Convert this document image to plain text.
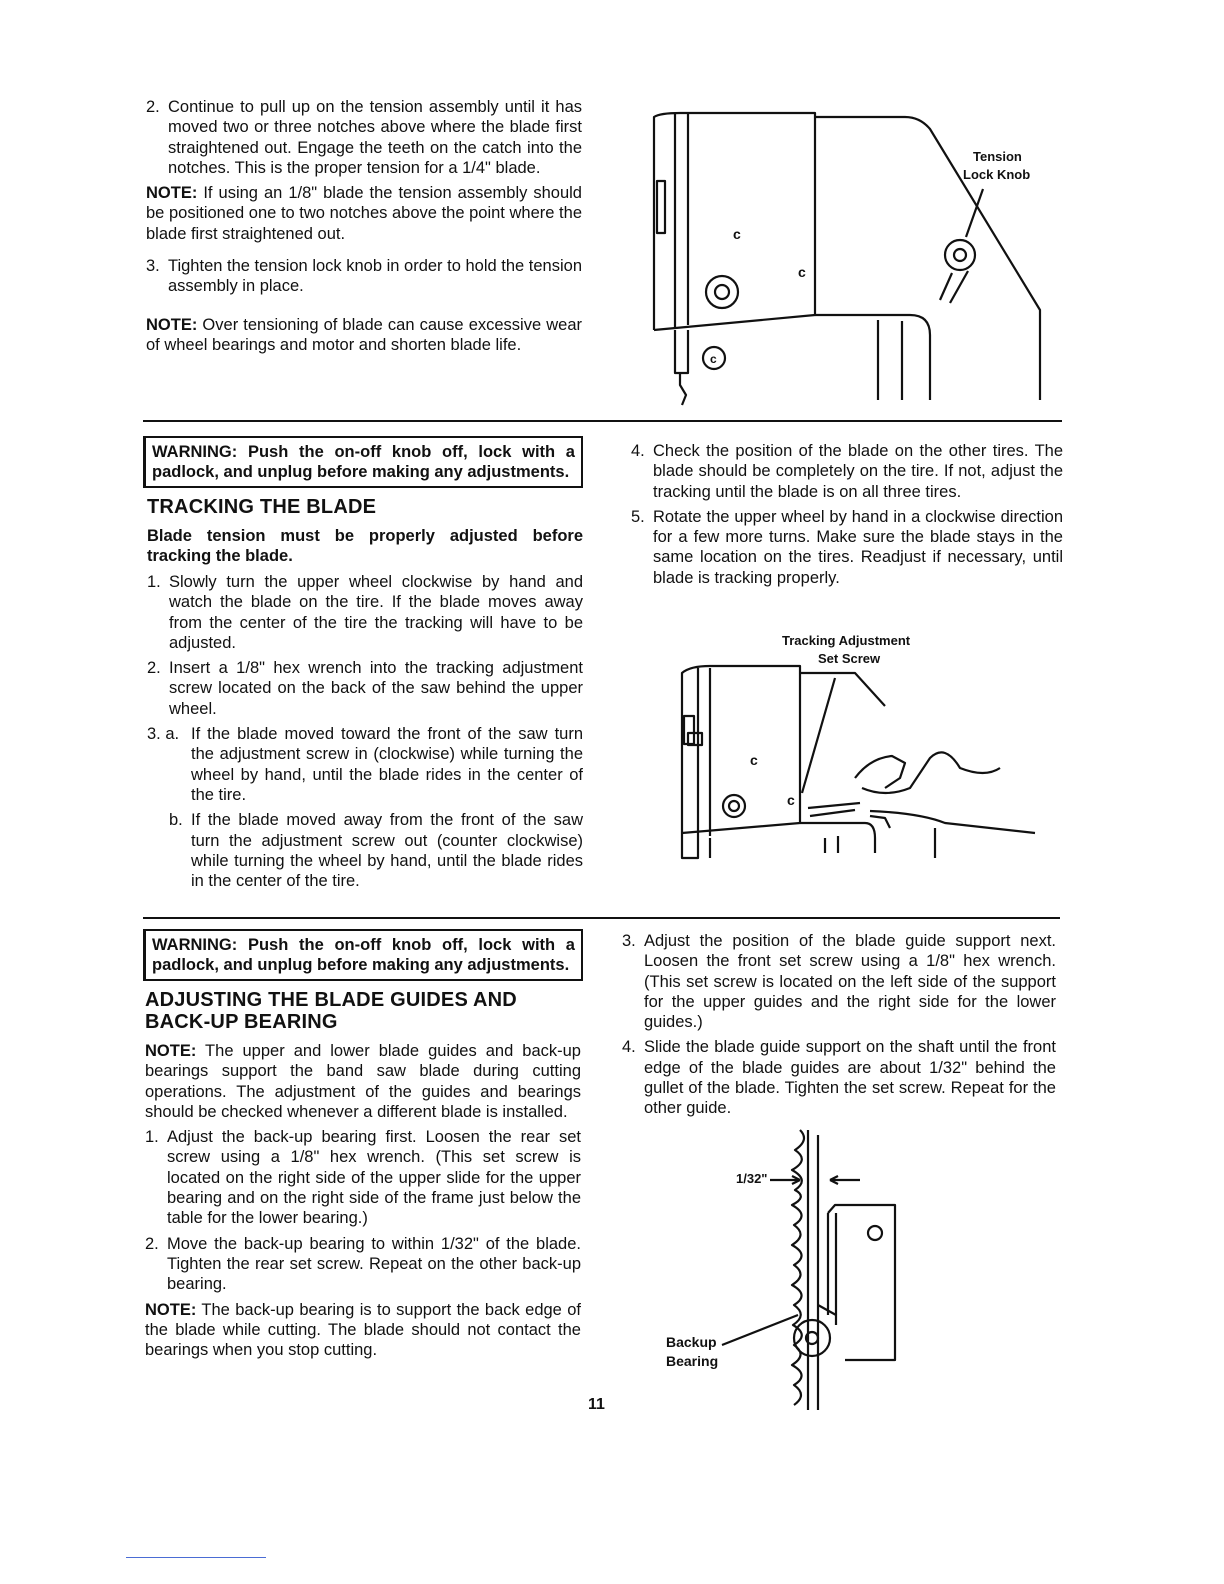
2. Continue to pull up on the tension assembly until it has moved two or three notches above where the blade first straightened out. Engage the teeth on the catch into the notches. This is the proper tension for a 1/4" blade.
NOTE: If using an 1/8" blade the tension assembly should be positioned one to two notches above the point where the blade first straightened out.
3. Tighten the tension lock knob in order to hold the tension assembly in place.
NOTE: Over tensioning of blade can cause excessive wear of wheel bearings and motor and shorten blade life.
Tension
Lock Knob
c
c
c
WARNING: Push the on-off knob off, lock with a padlock, and unplug before making any adjustments.
TRACKING THE BLADE
Blade tension must be properly adjusted before tracking the blade.
1. Slowly turn the upper wheel clockwise by hand and watch the blade on the tire. If the blade moves away from the center of the tire the tracking will have to be adjusted.
2. Insert a 1/8" hex wrench into the tracking adjustment screw located on the back of the saw behind the upper wheel.
3. a. If the blade moved toward the front of the saw turn the adjustment screw in (clockwise) while turning the wheel by hand, until the blade rides in the center of the tire.
b. If the blade moved away from the front of the saw turn the adjustment screw out (counter clockwise) while turning the wheel by hand, until the blade rides in the center of the tire.
4. Check the position of the blade on the other tires. The blade should be completely on the tire. If not, adjust the tracking until the blade is on all three tires.
5. Rotate the upper wheel by hand in a clockwise direction for a few more turns. Make sure the blade stays in the same location on the tires. Readjust if necessary, until blade is tracking properly.
Tracking Adjustment
Set Screw
c
c
WARNING: Push the on-off knob off, lock with a padlock, and unplug before making any adjustments.
ADJUSTING THE BLADE GUIDES AND
BACK-UP BEARING
NOTE: The upper and lower blade guides and back-up bearings support the band saw blade during cutting operations. The adjustment of the guides and bearings should be checked whenever a different blade is installed.
1. Adjust the back-up bearing first. Loosen the rear set screw using a 1/8" hex wrench. (This set screw is located on the right side of the upper slide for the upper bearing and on the right side of the frame just below the table for the lower bearing.)
2. Move the back-up bearing to within 1/32" of the blade. Tighten the rear set screw. Repeat on the other back-up bearing.
NOTE: The back-up bearing is to support the back edge of the blade while cutting. The blade should not contact the bearings when you stop cutting.
3. Adjust the position of the blade guide support next. Loosen the front set screw using a 1/8" hex wrench. (This set screw is located on the left side of the support for the upper guides and the right side for the lower guides.)
4. Slide the blade guide support on the shaft until the front edge of the blade guides are about 1/32" behind the gullet of the blade. Tighten the set screw. Repeat for the other guide.
1/32"
Backup
Bearing
11
